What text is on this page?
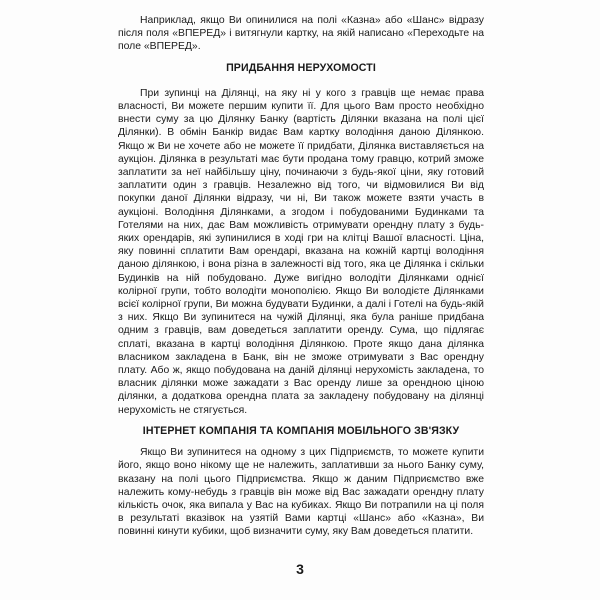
Наприклад, якщо Ви опинилися на полі «Казна» або «Шанс» відразу після поля «ВПЕРЕД» і витягнули картку, на якій написано «Переходьте на поле «ВПЕРЕД».

ПРИДБАННЯ НЕРУХОМОСТІ

При зупинці на Ділянці, на яку ні у кого з гравців ще немає права власності, Ви можете першим купити її. Для цього Вам просто необхідно внести суму за цю Ділянку Банку (вартість Ділянки вказана на полі цієї Ділянки). В обмін Банкір видає Вам картку володіння даною Ділянкою. Якщо ж Ви не хочете або не можете її придбати, Ділянка виставляється на аукціон. Ділянка в результаті має бути продана тому гравцю, котрий зможе заплатити за неї найбільшу ціну, починаючи з будь-якої ціни, яку готовий заплатити один з гравців. Незалежно від того, чи відмовилися Ви від покупки даної Ділянки відразу, чи ні, Ви також можете взяти участь в аукціоні. Володіння Ділянками, а згодом і побудованими Будинками та Готелями на них, дає Вам можливість отримувати орендну плату з будь-яких орендарів, які зупинилися в ході гри на клітці Вашої власності. Ціна, яку повинні сплатити Вам орендарі, вказана на кожній картці володіння даною ділянкою, і вона різна в залежності від того, яка це Ділянка і скільки Будинків на ній побудовано. Дуже вигідно володіти Ділянками однієї колірної групи, тобто володіти монополією. Якщо Ви володієте Ділянками всієї колірної групи, Ви можна будувати Будинки, а далі і Готелі на будь-якій з них. Якщо Ви зупинитеся на чужій Ділянці, яка була раніше придбана одним з гравців, вам доведеться заплатити оренду. Сума, що підлягає сплаті, вказана в картці володіння Ділянкою. Проте якщо дана ділянка власником закладена в Банк, він не зможе отримувати з Вас орендну плату. Або ж, якщо побудована на даній ділянці нерухомість закладена, то власник ділянки може зажадати з Вас оренду лише за орендною ціною ділянки, а додаткова орендна плата за закладену побудовану на ділянці нерухомість не стягується.

ІНТЕРНЕТ КОМПАНІЯ ТА КОМПАНІЯ МОБІЛЬНОГО ЗВ'ЯЗКУ

Якщо Ви зупинитеся на одному з цих Підприємств, то можете купити його, якщо воно нікому ще не належить, заплативши за нього Банку суму, вказану на полі цього Підприємства. Якщо ж даним Підприємство вже належить кому-небудь з гравців він може від Вас зажадати орендну плату кількість очок, яка випала у Вас на кубиках. Якщо Ви потрапили на ці поля в результаті вказівок на узятій Вами картці «Шанс» або «Казна», Ви повинні кинути кубики, щоб визначити суму, яку Вам доведеться платити.

3
